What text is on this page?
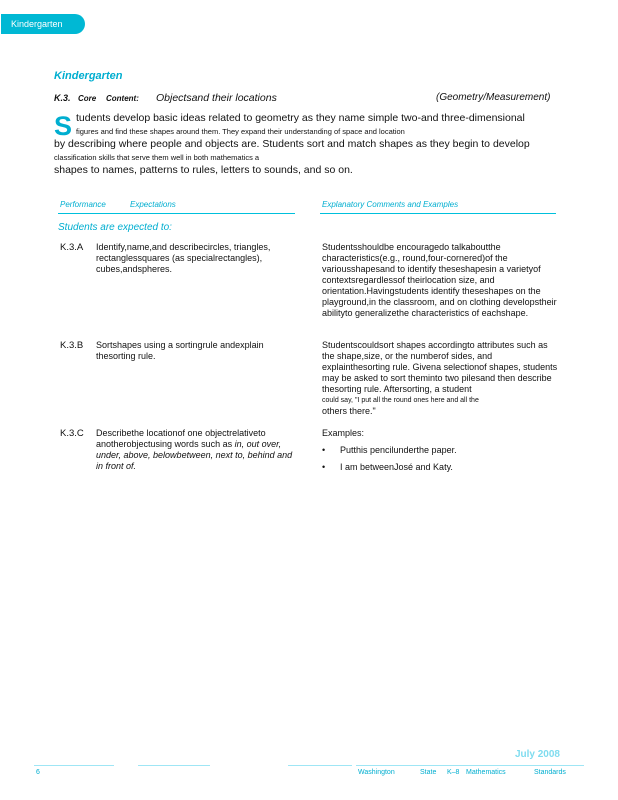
Kindergarten
Kindergarten
K.3. Core Content: Objectsand their locations	(Geometry/Measurement)
S tudents develop basic ideas related to geometry as they name simple two-and three-dimensional
figures and find these shapes around them. They expand their understanding of space and location
by describing where people and objects are. Students sort and match shapes as they begin to develop
classification skills that serve them well in both mathematics a
shapes to names, patterns to rules, letters to sounds, and so on.
Performance	Expectations	Explanatory Comments and Examples
Students are expected to:
K.3.A Identify,name,and describecircles, triangles, rectanglessquares (as specialrectangles), cubes,andspheres.
Studentsshouldbe encouragedo talkaboutthe characteristics(e.g., round,four-cornered)of the variousshapesand to identify theseshapesin a varietyof contextsregardlessof theirlocation size, and orientation.Havingstudents identify theseshapes on the playground,in the classroom, and on clothing developstheir abilityto generalizethe characteristics of eachshape.
K.3.B Sortshapes using a sortingrule andexplain thesorting rule.
Studentscouldsort shapes accordingto attributes such as the shape,size, or the numberof sides, and explainthesorting rule. Givena selectionof shapes, students may be asked to sort theminto two pilesand then describe thesorting rule. Aftersorting, a student
could say, "I put all the round ones here and all the
others there."
K.3.C Describethe locationof one objectrelativeto anotherobjectusing words such as in, out over, under, above, belowbetween, next to, behind and in front of.
Examples:
• Putthis pencilunderthe paper.
• I am betweenJosé and Katy.
July 2008
6	Washington	State K–8 Mathematics	Standards
